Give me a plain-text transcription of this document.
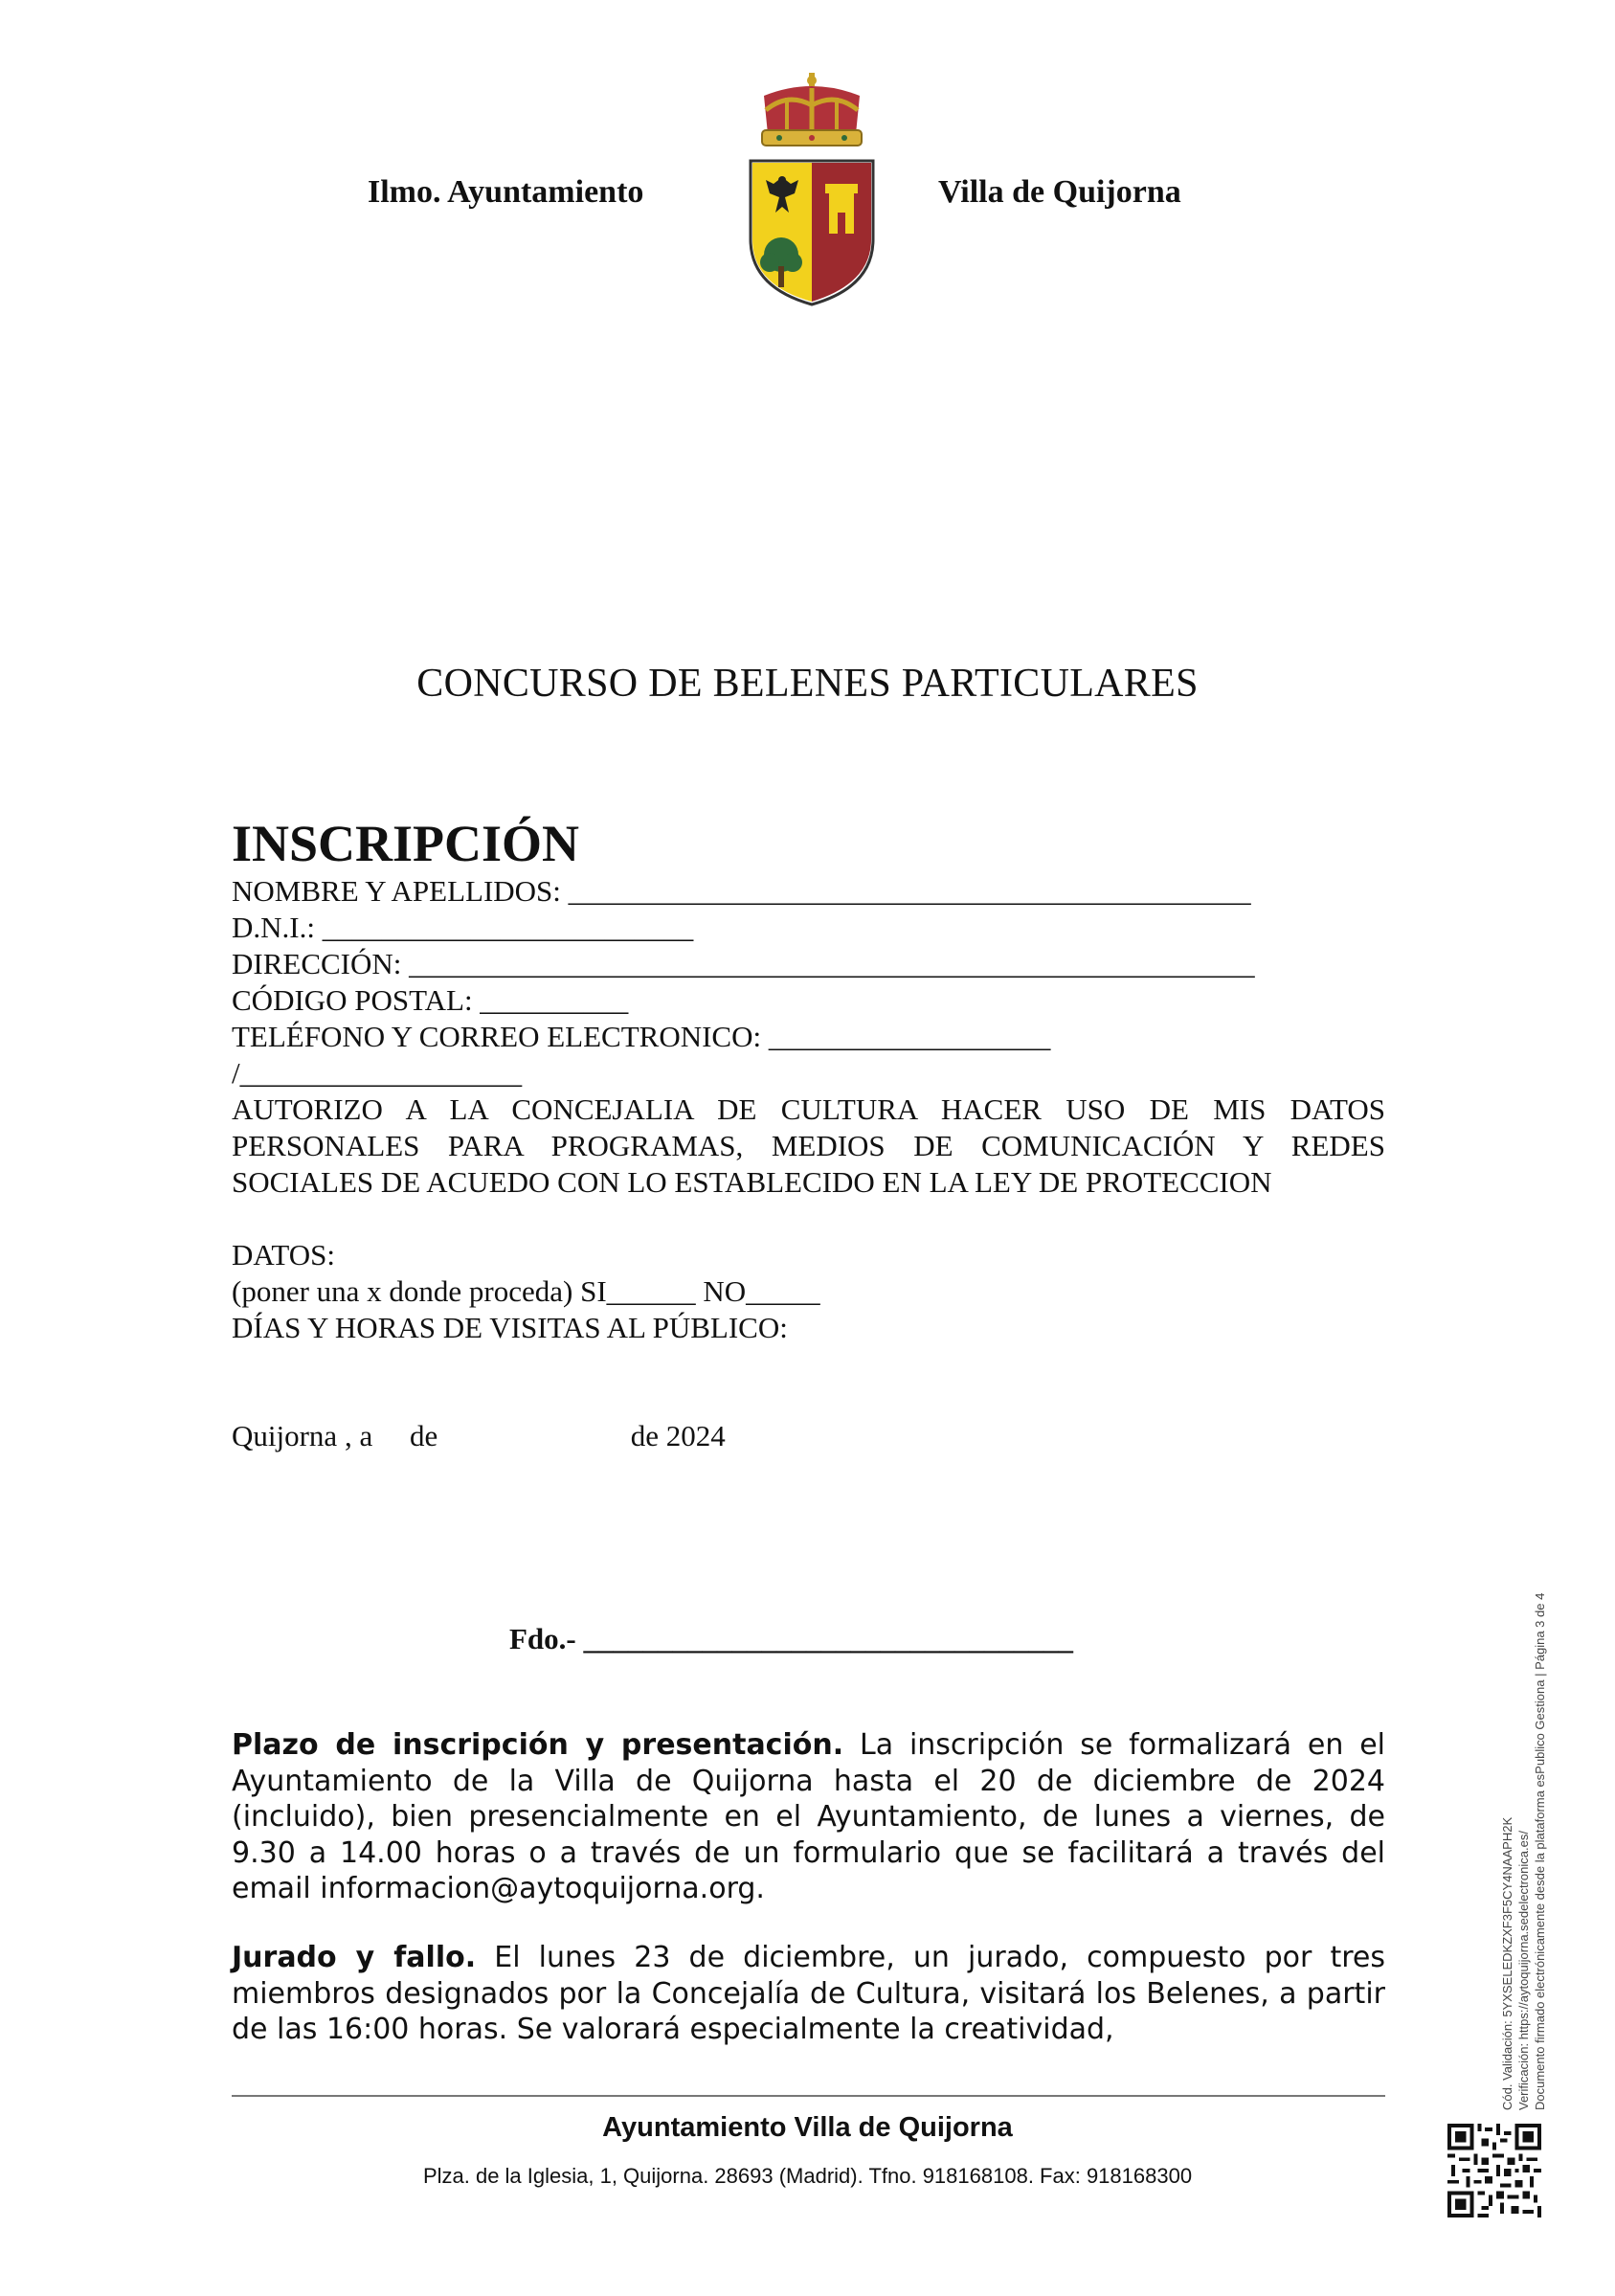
Ilmo. Ayuntamiento	Villa de Quijorna
CONCURSO DE BELENES PARTICULARES
INSCRIPCIÓN
NOMBRE Y APELLIDOS: ______________________________________________
D.N.I.: _________________________
DIRECCIÓN: _________________________________________________________
CÓDIGO POSTAL: __________
TELÉFONO Y CORREO ELECTRONICO: ___________________
/___________________
AUTORIZO A LA CONCEJALIA DE CULTURA HACER USO DE MIS DATOS PERSONALES PARA PROGRAMAS, MEDIOS DE COMUNICACIÓN Y REDES SOCIALES DE ACUEDO CON LO ESTABLECIDO EN LA LEY DE PROTECCION
DATOS:
(poner una x donde proceda) SI______ NO_____
DÍAS Y HORAS DE VISITAS AL PÚBLICO:
Quijorna , a     de                          de 2024
Fdo.- _________________________________
Plazo de inscripción y presentación. La inscripción se formalizará en el Ayuntamiento de la Villa de Quijorna hasta el 20 de diciembre de 2024 (incluido), bien presencialmente en el Ayuntamiento, de lunes a viernes, de 9.30 a 14.00 horas o a través de un formulario que se facilitará a través del email informacion@aytoquijorna.org.
Jurado y fallo. El lunes 23 de diciembre, un jurado, compuesto por tres miembros designados por la Concejalía de Cultura, visitará los Belenes, a partir de las 16:00 horas. Se valorará especialmente la creatividad,
Ayuntamiento Villa de Quijorna
Plza. de la Iglesia, 1, Quijorna. 28693 (Madrid). Tfno. 918168108. Fax: 918168300
Cód. Validación: 5YXSELEDKZXF3F5CY4NAAPH2K Verificación: https://aytoquijorna.sedelectronica.es/ Documento firmado electrónicamente desde la plataforma esPublico Gestiona | Página 3 de 4
